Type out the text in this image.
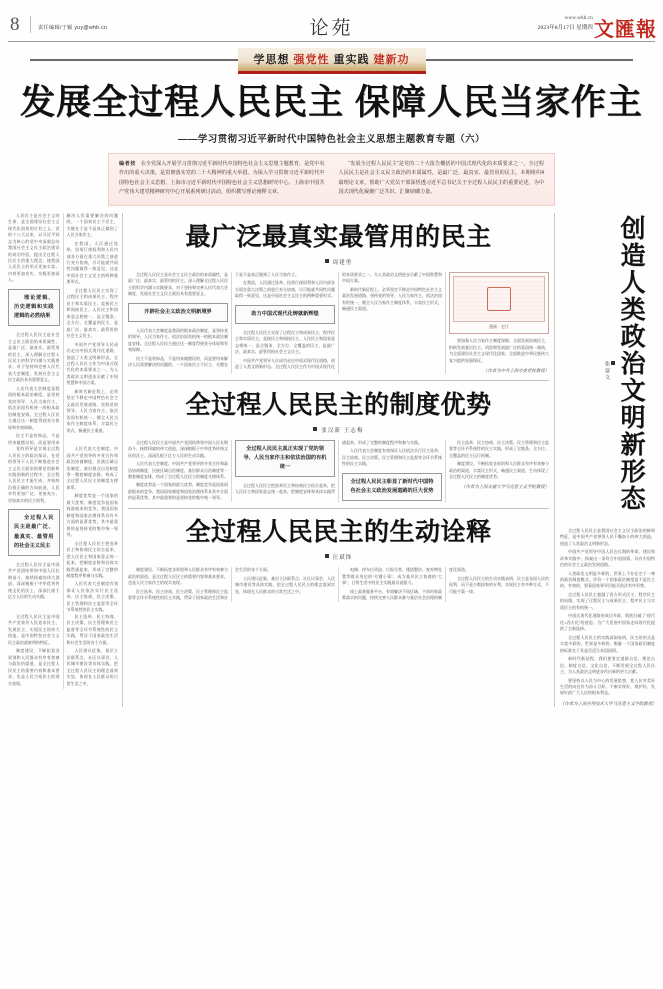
8	责任编辑/于颖 yuy@whb.cn	论苑	www.whb.cn
2023年8月17日 星期四 文匯報
学思想 强党性 重实践 建新功
发展全过程人民民主 保障人民当家作主
——学习贯彻习近平新时代中国特色社会主义思想主题教育专题（六）
编者按 在全党深入开展学习贯彻习近平新时代中国特色社会主义思想主题教育，是党中央作出的重大决策，是贯彻落实党的二十大精神的重大举措。为深入学习贯彻习近平新时代中国特色社会主义思想，上海市习近平新时代中国特色社会主义思想研究中心、上海市中国共产党伟大建党精神研究中心开展系列研讨活动，组织撰写理论阐释文章。
“发展全过程人民民主”是党的二十大报告概括的中国式现代化的本质要求之一。全过程人民民主是社会主义民主政治的本质属性，是最广泛、最真实、最管用的民主。本期组织4篇理论文章，帮助广大党员干部深悟透习近平总书记关于全过程人民民主的重要论述，为中国式现代化凝聚广泛共识、汇聚磅礴力量。

人民民主是社会主义的生命，是全面建设社会主义现代化国家的应有之义。党的十八大以来，以习近平同志为核心的党中央深刻总结我国社会主义民主政治建设的成功经验，提出全过程人民民主的重大理念，使我国人民民主的形式更加丰富、内容更加充实、实践更加深入。

理论逻辑、历史逻辑和实践逻辑的必然结果

全过程人民民主是社会主义民主政治的本质属性，是最广泛、最真实、最管用的民主。深入理解全过程人民民主的科学内涵与实践要求，对于坚持和完善人民代表大会制度、发展社会主义民主政治具有重要意义。

人民代表大会制度是我国的根本政治制度，是坚持党的领导、人民当家作主、依法治国有机统一的根本政治制度安排。全过程人民民主通过这一制度得到充分体现和有效保障。

民主不是装饰品，不是用来做摆设的，而是要用来解决人民需要解决的问题的。一个国家民主不民主，关键在于是不是真正做到了人民当家作主。

在我国，人民通过选举、投票行使权利和人民内部各方面在重大决策之前进行充分协商，尽可能就共同性问题取得一致意见，这是中国社会主义民主的两种重要形式。

全过程人民民主实现了过程民主和成果民主、程序民主和实质民主、直接民主和间接民主、人民民主和国家意志相统一，是全链条、全方位、全覆盖的民主，是最广泛、最真实、最管用的社会主义民主。

中国共产党领导人民成功走出中国式现代化道路，创造了人类文明新形态。全过程人民民主作为中国式现代化的本质要求之一，为人类政治文明进步贡献了中国智慧和中国方案。

新时代新征程上，必须坚定不移走中国特色社会主义政治发展道路，坚持党的领导、人民当家作主、依法治国有机统一，健全人民当家作主制度体系，丰富民主形式，畅通民主渠道。

党的领导是实现全过程人民民主的政治保证。在党的领导下人民不断推进社会主义民主政治的理论创新和实践创新的过程中，全过程人民民主才能生成、并始终沿着正确的方向前进，人民享有更加广泛、更加充分、更加真实的民主权利。

全过程人民民主是最广泛、最真实、最管用的社会主义民主

全过程人民民主是中国共产党团结带领中国人民长期奋斗、接续探索的伟大创造，深深植根于中华优秀传统文化的沃土，深深扎根于亿万人民的生动实践。

人民代表大会制度、中国共产党领导的多党合作和政治协商制度、民族区域自治制度、基层群众自治制度等一整套制度安排，构成了全过程人民民主的制度支撑体系。

制度优势是一个国家的最大优势，制度竞争是国家间最根本的竞争。我国国家制度和国家治理体系具有多方面的显著优势，其中最重要的是坚持党的集中统一领导。

全过程人民民主把选举民主和协商民主结合起来，把人民民主和国家意志统一起来，把制度安排和具体实践贯通起来，形成了完整的制度程序和参与实践。

人民代表大会制度有效保证人民依法实行民主选举、民主协商、民主决策、民主管理和民主监督等全环节系统性的民主实践。

全过程人民民主是中国共产党领导人民追求民主、发展民主、实现民主的伟大创造，是中国特色社会主义民主政治最鲜明的特征。

制度建设、不断拓宽各界别和人民群众有序有效参与政治的渠道，是全过程人民民主的重要内容和基本要求，也是人民当家作主的现实表现。

民主选举、民主协商、民主决策、民主管理和民主监督等全环节系统性的民主实践，贯穿于国家政治生活和社会生活的各个方面。

人民建议征集、基层立法联系点、社区议事会、人民城市建设等具体实践，把全过程人民民主的理念落到实处，体现在人民群众的日常生活之中。

最广泛最真实最管用的民主
周建勇

全过程人民民主是社会主义民主政治的本质属性，是最广泛、最真实、最管用的民主。深入理解全过程人民民主的科学内涵与实践要求，对于坚持和完善人民代表大会制度、发展社会主义民主政治具有重要意义。

开辟社会主义政治文明新境界

人民代表大会制度是我国的根本政治制度，是坚持党的领导、人民当家作主、依法治国有机统一的根本政治制度安排。全过程人民民主通过这一制度得到充分体现和有效保障。

民主不是装饰品，不是用来做摆设的，而是要用来解决人民需要解决的问题的。一个国家民主不民主，关键在于是不是真正做到了人民当家作主。

在我国，人民通过选举、投票行使权利和人民内部各方面在重大决策之前进行充分协商，尽可能就共同性问题取得一致意见，这是中国社会主义民主的两种重要形式。

助力中国式现代化铸就新辉煌

全过程人民民主实现了过程民主和成果民主、程序民主和实质民主、直接民主和间接民主、人民民主和国家意志相统一，是全链条、全方位、全覆盖的民主，是最广泛、最真实、最管用的社会主义民主。

中国共产党领导人民成功走出中国式现代化道路，创造了人类文明新形态。全过程人民民主作为中国式现代化的本质要求之一，为人类政治文明进步贡献了中国智慧和中国方案。

新时代新征程上，必须坚定不移走中国特色社会主义政治发展道路，坚持党的领导、人民当家作主、依法治国有机统一，健全人民当家作主制度体系，丰富民主形式，畅通民主渠道。

漫画：史江

要加强人民当家作主制度保障，全面发展协商民主，积极发展基层民主，巩固和发展最广泛的爱国统一战线，为全面建设社会主义现代化国家、全面推进中华民族伟大复兴提供坚强保证。

（作者为中共上海市委党校教授）
全过程人民民主的制度优势
张汉新 王志梅

全过程人民民主是中国共产党团结带领中国人民长期奋斗、接续探索的伟大创造，深深植根于中华优秀传统文化的沃土，深深扎根于亿万人民的生动实践。

人民代表大会制度、中国共产党领导的多党合作和政治协商制度、民族区域自治制度、基层群众自治制度等一整套制度安排，构成了全过程人民民主的制度支撑体系。

制度优势是一个国家的最大优势，制度竞争是国家间最根本的竞争。我国国家制度和国家治理体系具有多方面的显著优势，其中最重要的是坚持党的集中统一领导。

全过程人民民主真正实现了党的领导、人民当家作主和依法治国的有机统一

全过程人民民主把选举民主和协商民主结合起来，把人民民主和国家意志统一起来，把制度安排和具体实践贯通起来，形成了完整的制度程序和参与实践。

人民代表大会制度有效保证人民依法实行民主选举、民主协商、民主决策、民主管理和民主监督等全环节系统性的民主实践。

全过程人民民主彰显了新时代中国特色社会主义政治发展道路的巨大优势

民主选举、民主协商、民主决策、民主管理和民主监督等全环节系统性的民主实践，形成了全链条、全方位、全覆盖的民主运行机制。

制度建设、不断拓宽各界别和人民群众有序有效参与政治的渠道，丰富民主形式，畅通民主渠道，生动体现了全过程人民民主的制度优势。

（作者为上海交通大学马克思主义学院教授）
全过程人民民主的生动诠释
汪斌锋

制度建设、不断拓宽各界别和人民群众有序有效参与政治的渠道，是全过程人民民主的重要内容和基本要求，也是人民当家作主的现实表现。

民主选举、民主协商、民主决策、民主管理和民主监督等全环节系统性的民主实践，贯穿于国家政治生活和社会生活的各个方面。

人民建议征集、基层立法联系点、社区议事会、人民城市建设等具体实践，把全过程人民民主的理念落到实处，体现在人民群众的日常生活之中。

电梯、停车位改造、垃圾分类、楼道整治、废弃物处置等群众身边的“关键小事”，成为基层民主协商的“大事”，日常生活中的民主实践最具说服力。

线上政务服务平台、有效解决不同区域、不同对象政策落实的问题，持续完善人民群众参与基层社会治理的制度化渠道。

全过程人民民主的生动实践表明，民主是各国人民的权利，而不是少数国家的专利，实现民主有多种方式，不可能千篇一律。

创造人类政治文明新形态
张富文

全过程人民民主是我国社会主义民主政治的鲜明特征，是中国共产党带领人民不懈奋斗的伟大创造，创造了人类政治文明新形态。

中国共产党领导中国人民在长期的革命、建设和改革实践中，探索出一条符合中国国情、具有中国特色的社会主义政治发展道路。

人类政治文明是多样的，世界上不存在定于一尊的政治制度模式。评价一个国家政治制度是不是民主的、有效的，要看国家领导层能否依法有序更替。

全过程人民民主超越了西方形式民主、程序民主的局限，实现了过程民主与成果民主、程序民主与实质民主的有机统一。

中国式现代化道路的成功开辟，彻底打破了“现代化=西方化”的迷思，为广大发展中国家走向现代化提供了全新选择。

全过程人民民主的实践深刻表明，民主的形式是丰富多彩的，世界是多样的，衡量一个国家政治制度的标准在于其是否适合本国国情。

新时代新征程，我们要坚定道路自信、理论自信、制度自信、文化自信，不断发展全过程人民民主，为人类政治文明进步作出新的更大贡献。

要坚持以人民为中心的发展思想，把人民对美好生活的向往作为奋斗目标，不断实现好、维护好、发展好最广大人民的根本利益。

（作者为上海应用技术大学马克思主义学院教授）
